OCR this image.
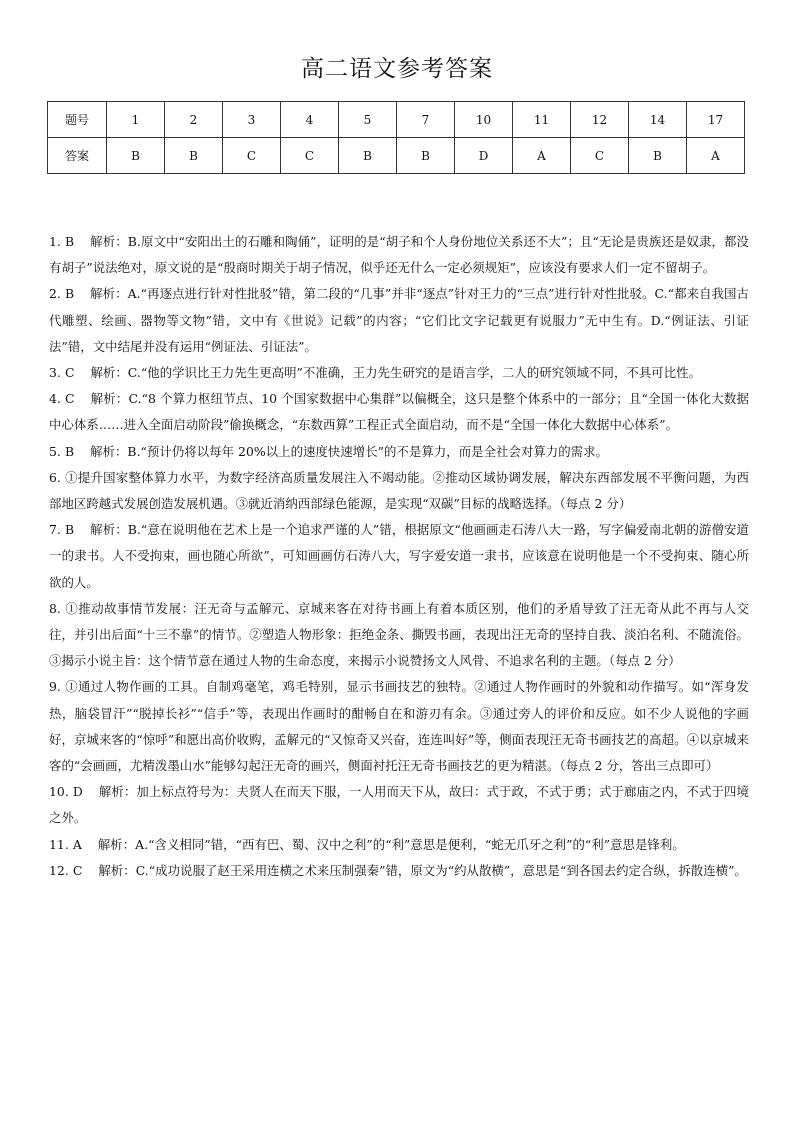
高二语文参考答案
题号	1	2	3	4	5	7	10	11	12	14	17
答案	B	B	C	C	B	B	D	A	C	B	A

1. B 解析：B.原文中“安阳出土的石雕和陶俑”，证明的是“胡子和个人身份地位关系还不大”；且“无论是贵族还是奴隶，都没有胡子”说法绝对，原文说的是“殷商时期关于胡子情况，似乎还无什么一定必须规矩”，应该没有要求人们一定不留胡子。

2. B 解析：A.“再逐点进行针对性批驳”错，第二段的“几事”并非“逐点”针对王力的“三点”进行针对性批驳。C.“都来自我国古代雕塑、绘画、器物等文物”错，文中有《世说》记载”的内容；“它们比文字记载更有说服力”无中生有。D.“例证法、引证法”错，文中结尾并没有运用“例证法、引证法”。

3. C 解析：C.“他的学识比王力先生更高明”不准确，王力先生研究的是语言学，二人的研究领域不同，不具可比性。

4. C 解析：C.“8 个算力枢纽节点、10 个国家数据中心集群”以偏概全，这只是整个体系中的一部分；且“全国一体化大数据中心体系……进入全面启动阶段”偷换概念，“东数西算”工程正式全面启动，而不是“全国一体化大数据中心体系”。

5. B 解析：B.“预计仍将以每年 20%以上的速度快速增长”的不是算力，而是全社会对算力的需求。

6. ①提升国家整体算力水平，为数字经济高质量发展注入不竭动能。②推动区域协调发展，解决东西部发展不平衡问题，为西部地区跨越式发展创造发展机遇。③就近消纳西部绿色能源，是实现“双碳”目标的战略选择。（每点 2 分）

7. B 解析：B.“意在说明他在艺术上是一个追求严谨的人”错，根据原文“他画画走石涛八大一路，写字偏爱南北朝的游僧安道一的隶书。人不受拘束，画也随心所欲”，可知画画仿石涛八大，写字爱安道一隶书，应该意在说明他是一个不受拘束、随心所欲的人。

8. ①推动故事情节发展：汪无奇与孟解元、京城来客在对待书画上有着本质区别，他们的矛盾导致了汪无奇从此不再与人交往，并引出后面“十三不靠”的情节。②塑造人物形象：拒绝金条、撕毁书画，表现出汪无奇的坚持自我、淡泊名利、不随流俗。③揭示小说主旨：这个情节意在通过人物的生命态度，来揭示小说赞扬文人风骨、不追求名利的主题。（每点 2 分）

9. ①通过人物作画的工具。自制鸡毫笔，鸡毛特别，显示书画技艺的独特。②通过人物作画时的外貌和动作描写。如“浑身发热，脑袋冒汗”“脱掉长衫”“信手”等，表现出作画时的酣畅自在和游刃有余。③通过旁人的评价和反应。如不少人说他的字画好，京城来客的“惊呼”和愿出高价收购，孟解元的“又惊奇又兴奋，连连叫好”等，侧面表现汪无奇书画技艺的高超。④以京城来客的“会画画，尤精泼墨山水”能够勾起汪无奇的画兴，侧面衬托汪无奇书画技艺的更为精湛。（每点 2 分，答出三点即可）

10. D 解析：加上标点符号为：夫贤人在而天下服，一人用而天下从，故曰：式于政，不式于勇；式于廊庙之内，不式于四境之外。

11. A 解析：A.“含义相同”错，“西有巴、蜀、汉中之利”的“利”意思是便利，“蛇无爪牙之利”的“利”意思是锋利。

12. C 解析：C.“成功说服了赵王采用连横之术来压制强秦”错，原文为“约从散横”，意思是“到各国去约定合纵，拆散连横”。
